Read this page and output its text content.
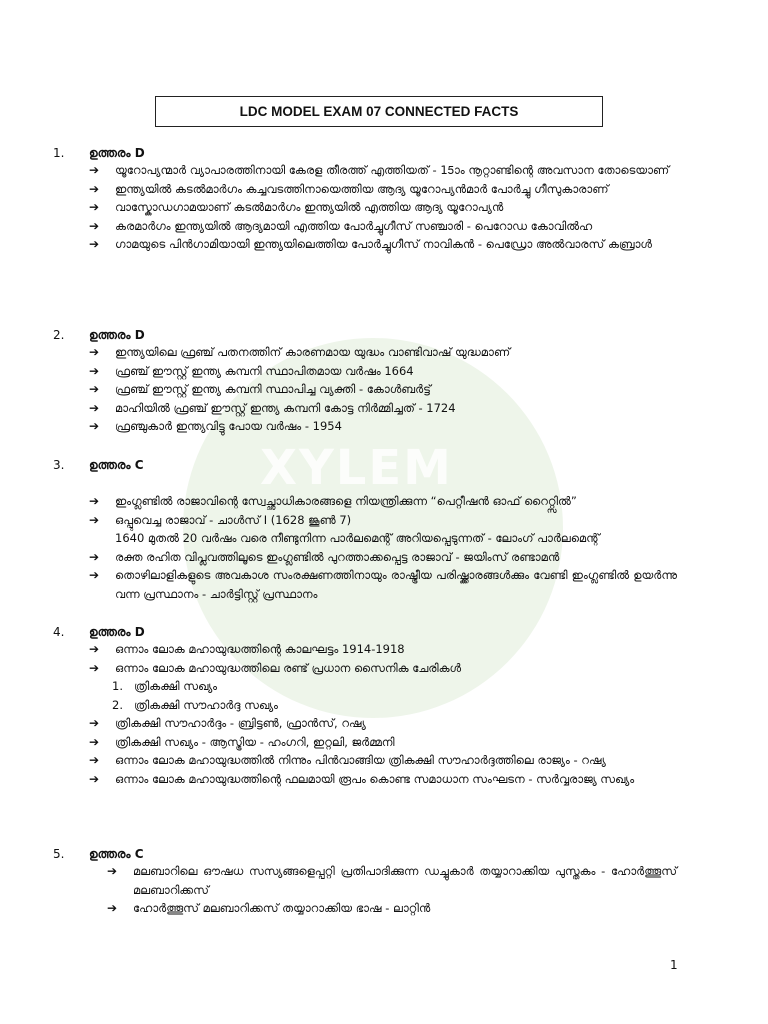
XYLEM
LDC MODEL EXAM 07 CONNECTED FACTS
1. ഉത്തരം D
➔ യൂറോപ്യന്മാർ വ്യാപാരത്തിനായി കേരള തീരത്ത് എത്തിയത് - 15ാം നൂറ്റാണ്ടിന്റെ അവസാന തോടെയാണ്
➔ ഇന്ത്യയിൽ കടൽമാർഗം കച്ചവടത്തിനായെത്തിയ ആദ്യ യൂറോപ്യൻമാർ പോർച്ചു ഗീസുകാരാണ്
➔ വാസ്കോഡഗാമയാണ് കടൽമാർഗം ഇന്ത്യയിൽ എത്തിയ ആദ്യ യൂറോപ്യൻ
➔ കരമാർഗം ഇന്ത്യയിൽ ആദ്യമായി എത്തിയ പോർച്ചുഗീസ് സഞ്ചാരി - പെറോഡ കോവിൽഹ
➔ ഗാമയുടെ പിൻഗാമിയായി ഇന്ത്യയിലെത്തിയ പോർച്ചുഗീസ് നാവികൻ - പെഡ്രോ അൽവാരസ് കബ്രാൾ
2. ഉത്തരം D
➔ ഇന്ത്യയിലെ ഫ്രഞ്ച് പതനത്തിന് കാരണമായ യുദ്ധം വാണ്ടിവാഷ് യുദ്ധമാണ്
➔ ഫ്രഞ്ച് ഈസ്റ്റ് ഇന്ത്യ കമ്പനി സ്ഥാപിതമായ വർഷം 1664
➔ ഫ്രഞ്ച് ഈസ്റ്റ് ഇന്ത്യ കമ്പനി സ്ഥാപിച്ച വ്യക്തി - കോൾബർട്ട്
➔ മാഹിയിൽ ഫ്രഞ്ച് ഈസ്റ്റ് ഇന്ത്യ കമ്പനി കോട്ട നിർമ്മിച്ചത് - 1724
➔ ഫ്രഞ്ചുകാർ ഇന്ത്യവിട്ടു പോയ വർഷം - 1954
3. ഉത്തരം C
➔ ഇംഗ്ലണ്ടിൽ രാജാവിന്റെ സ്വേച്ഛാധികാരങ്ങളെ നിയന്ത്രിക്കുന്ന “പെറ്റീഷൻ ഓഫ് റൈറ്റ്സിൽ”
➔ ഒപ്പുവെച്ച രാജാവ് - ചാൾസ് I (1628 ജൂൺ 7)
1640 മുതൽ 20 വർഷം വരെ നീണ്ടുനിന്ന പാർലമെന്റ് അറിയപ്പെടുന്നത് - ലോംഗ് പാർലമെന്റ്
➔ രക്ത രഹിത വിപ്ലവത്തിലൂടെ ഇംഗ്ലണ്ടിൽ പുറത്താക്കപ്പെട്ട രാജാവ് - ജയിംസ് രണ്ടാമൻ
➔ തൊഴിലാളികളുടെ അവകാശ സംരക്ഷണത്തിനായും രാഷ്ട്രീയ പരിഷ്ക്കാരങ്ങൾക്കും വേണ്ടി ഇംഗ്ലണ്ടിൽ ഉയർന്നു വന്ന പ്രസ്ഥാനം - ചാർട്ടിസ്റ്റ് പ്രസ്ഥാനം
4. ഉത്തരം D
➔ ഒന്നാം ലോക മഹായുദ്ധത്തിന്റെ കാലഘട്ടം 1914-1918
➔ ഒന്നാം ലോക മഹായുദ്ധത്തിലെ രണ്ട് പ്രധാന സൈനിക ചേരികൾ
1. ത്രികക്ഷി സഖ്യം
2. ത്രികക്ഷി സൗഹാർദ്ദ സഖ്യം
➔ ത്രികക്ഷി സൗഹാർദ്ദം - ബ്രിട്ടൺ, ഫ്രാൻസ്, റഷ്യ
➔ ത്രികക്ഷി സഖ്യം - ആസ്ട്രിയ - ഹംഗറി, ഇറ്റലി, ജർമ്മനി
➔ ഒന്നാം ലോക മഹായുദ്ധത്തിൽ നിന്നും പിൻവാങ്ങിയ ത്രികക്ഷി സൗഹാർദ്ദത്തിലെ രാജ്യം - റഷ്യ
➔ ഒന്നാം ലോക മഹായുദ്ധത്തിന്റെ ഫലമായി രൂപം കൊണ്ട സമാധാന സംഘടന - സർവ്വരാജ്യ സഖ്യം
5. ഉത്തരം C
➔ മലബാറിലെ ഔഷധ സസ്യങ്ങളെപ്പറ്റി പ്രതിപാദിക്കുന്ന ഡച്ചുകാർ തയ്യാറാക്കിയ പുസ്തകം - ഹോർത്തൂസ് മലബാറിക്കസ്
➔ ഹോർത്തൂസ് മലബാറിക്കസ് തയ്യാറാക്കിയ ഭാഷ - ലാറ്റിൻ
1
